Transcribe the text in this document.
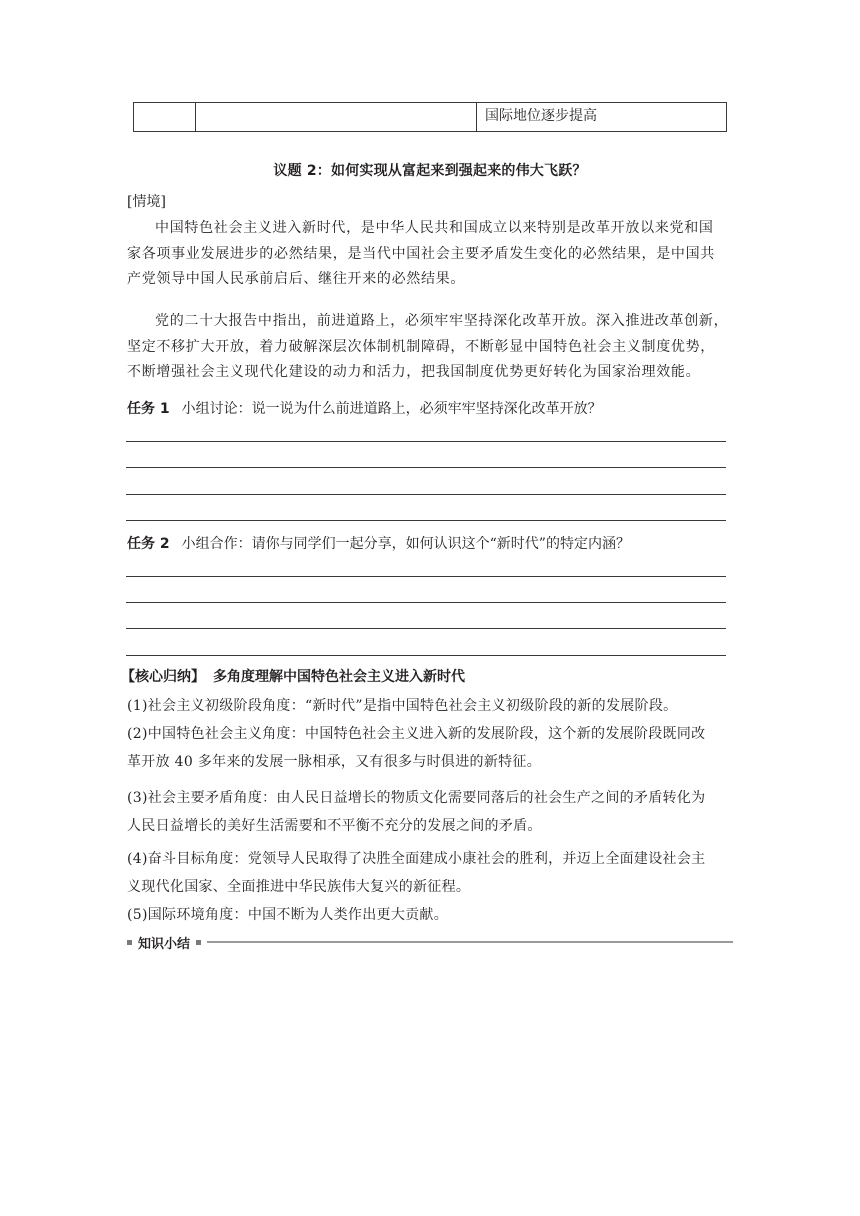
国际地位逐步提高
议题 2：如何实现从富起来到强起来的伟大飞跃？
[情境]
中国特色社会主义进入新时代，是中华人民共和国成立以来特别是改革开放以来党和国
家各项事业发展进步的必然结果，是当代中国社会主要矛盾发生变化的必然结果，是中国共
产党领导中国人民承前启后、继往开来的必然结果。
党的二十大报告中指出，前进道路上，必须牢牢坚持深化改革开放。深入推进改革创新，
坚定不移扩大开放，着力破解深层次体制机制障碍，不断彰显中国特色社会主义制度优势，
不断增强社会主义现代化建设的动力和活力，把我国制度优势更好转化为国家治理效能。
任务 1 小组讨论：说一说为什么前进道路上，必须牢牢坚持深化改革开放？
任务 2 小组合作：请你与同学们一起分享，如何认识这个“新时代”的特定内涵？
【核心归纳】 多角度理解中国特色社会主义进入新时代
(1)社会主义初级阶段角度：“新时代”是指中国特色社会主义初级阶段的新的发展阶段。
(2)中国特色社会主义角度：中国特色社会主义进入新的发展阶段，这个新的发展阶段既同改
革开放 40 多年来的发展一脉相承，又有很多与时俱进的新特征。
(3)社会主要矛盾角度：由人民日益增长的物质文化需要同落后的社会生产之间的矛盾转化为
人民日益增长的美好生活需要和不平衡不充分的发展之间的矛盾。
(4)奋斗目标角度：党领导人民取得了决胜全面建成小康社会的胜利，并迈上全面建设社会主
义现代化国家、全面推进中华民族伟大复兴的新征程。
(5)国际环境角度：中国不断为人类作出更大贡献。
知识小结
